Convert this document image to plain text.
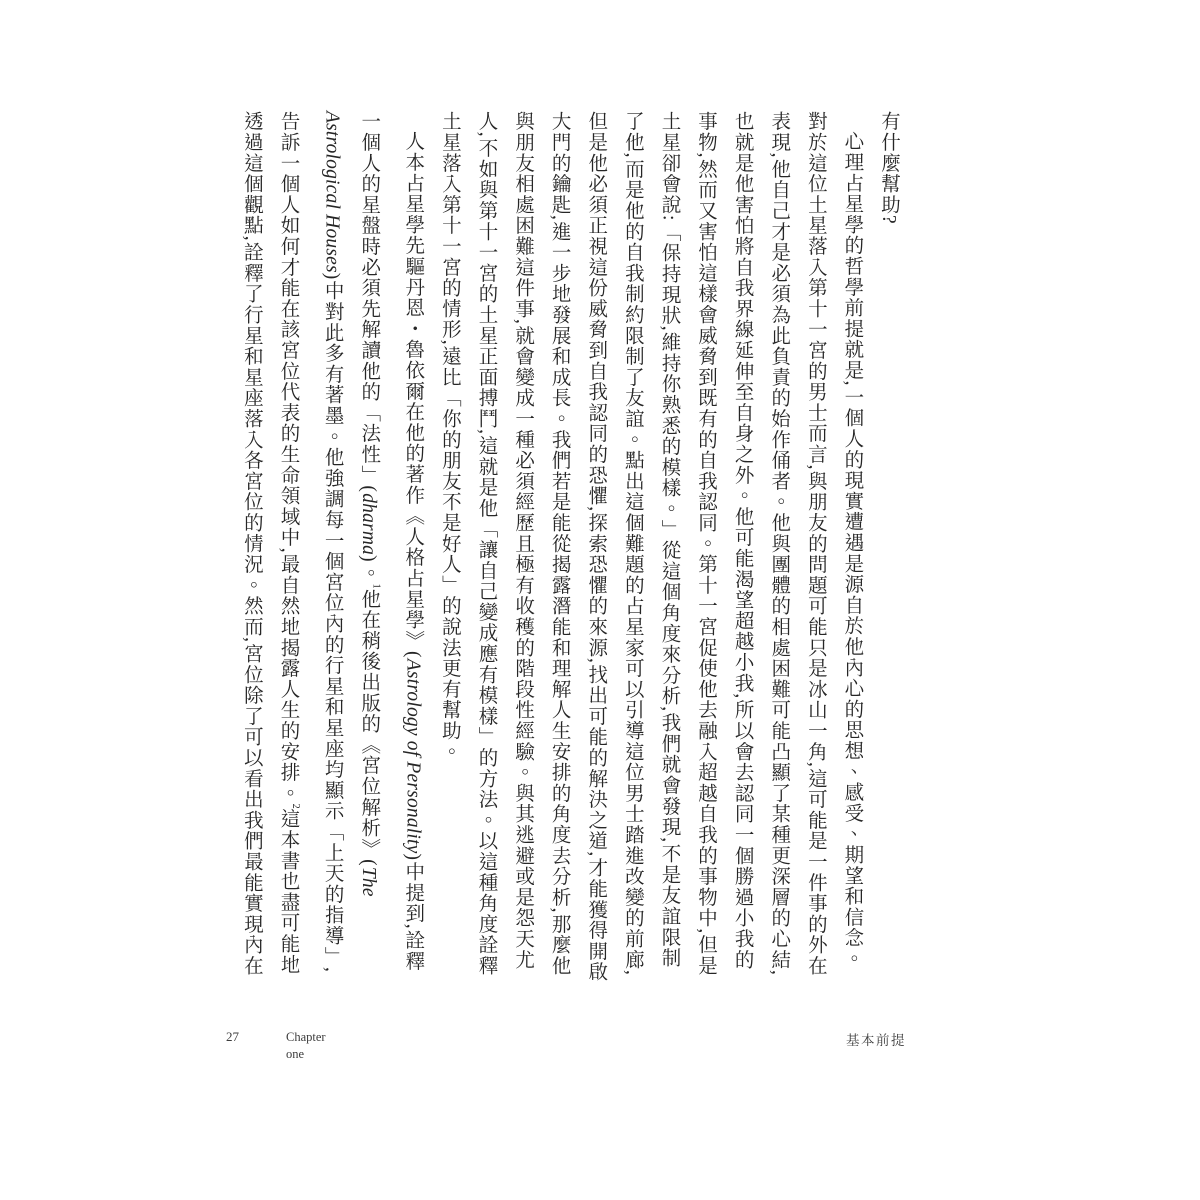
有什麼幫助?

心理占星學的哲學前提就是,一個人的現實遭遇是源自於他內心的思想、感受、期望和信念。對於這位土星落入第十一宮的男士而言,與朋友的問題可能只是冰山一角,這可能是一件事的外在表現,他自己才是必須為此負責的始作俑者。他與團體的相處困難可能凸顯了某種更深層的心結,也就是他害怕將自我界線延伸至自身之外。他可能渴望超越小我,所以會去認同一個勝過小我的事物,然而又害怕這樣會威脅到既有的自我認同。第十一宮促使他去融入超越自我的事物中,但是土星卻會說:「保持現狀,維持你熟悉的模樣。」從這個角度來分析,我們就會發現,不是友誼限制了他,而是他的自我制約限制了友誼。點出這個難題的占星家可以引導這位男士踏進改變的前廊,但是他必須正視這份威脅到自我認同的恐懼,探索恐懼的來源,找出可能的解決之道,才能獲得開啟大門的鑰匙,進一步地發展和成長。我們若是能從揭露潛能和理解人生安排的角度去分析,那麼他與朋友相處困難這件事,就會變成一種必須經歷且極有收穫的階段性經驗。與其逃避或是怨天尤人,不如與第十一宮的土星正面搏鬥,這就是他「讓自己變成應有模樣」的方法。以這種角度詮釋土星落入第十一宮的情形,遠比「你的朋友不是好人」的說法更有幫助。

人本占星學先驅丹恩・魯依爾在他的著作《人格占星學》(Astrology of Personality)中提到,詮釋一個人的星盤時必須先解讀他的「法性」(dharma)。$^1$他在稍後出版的《宮位解析》(The Astrological Houses)中對此多有著墨。他強調每一個宮位內的行星和星座均顯示「上天的指導」,告訴一個人如何才能在該宮位代表的生命領域中,最自然地揭露人生的安排。$^2$這本書也盡可能地透過這個觀點,詮釋了行星和星座落入各宮位的情況。然而,宮位除了可以看出我們最能實現內在

27	Chapter
one
基本前提
